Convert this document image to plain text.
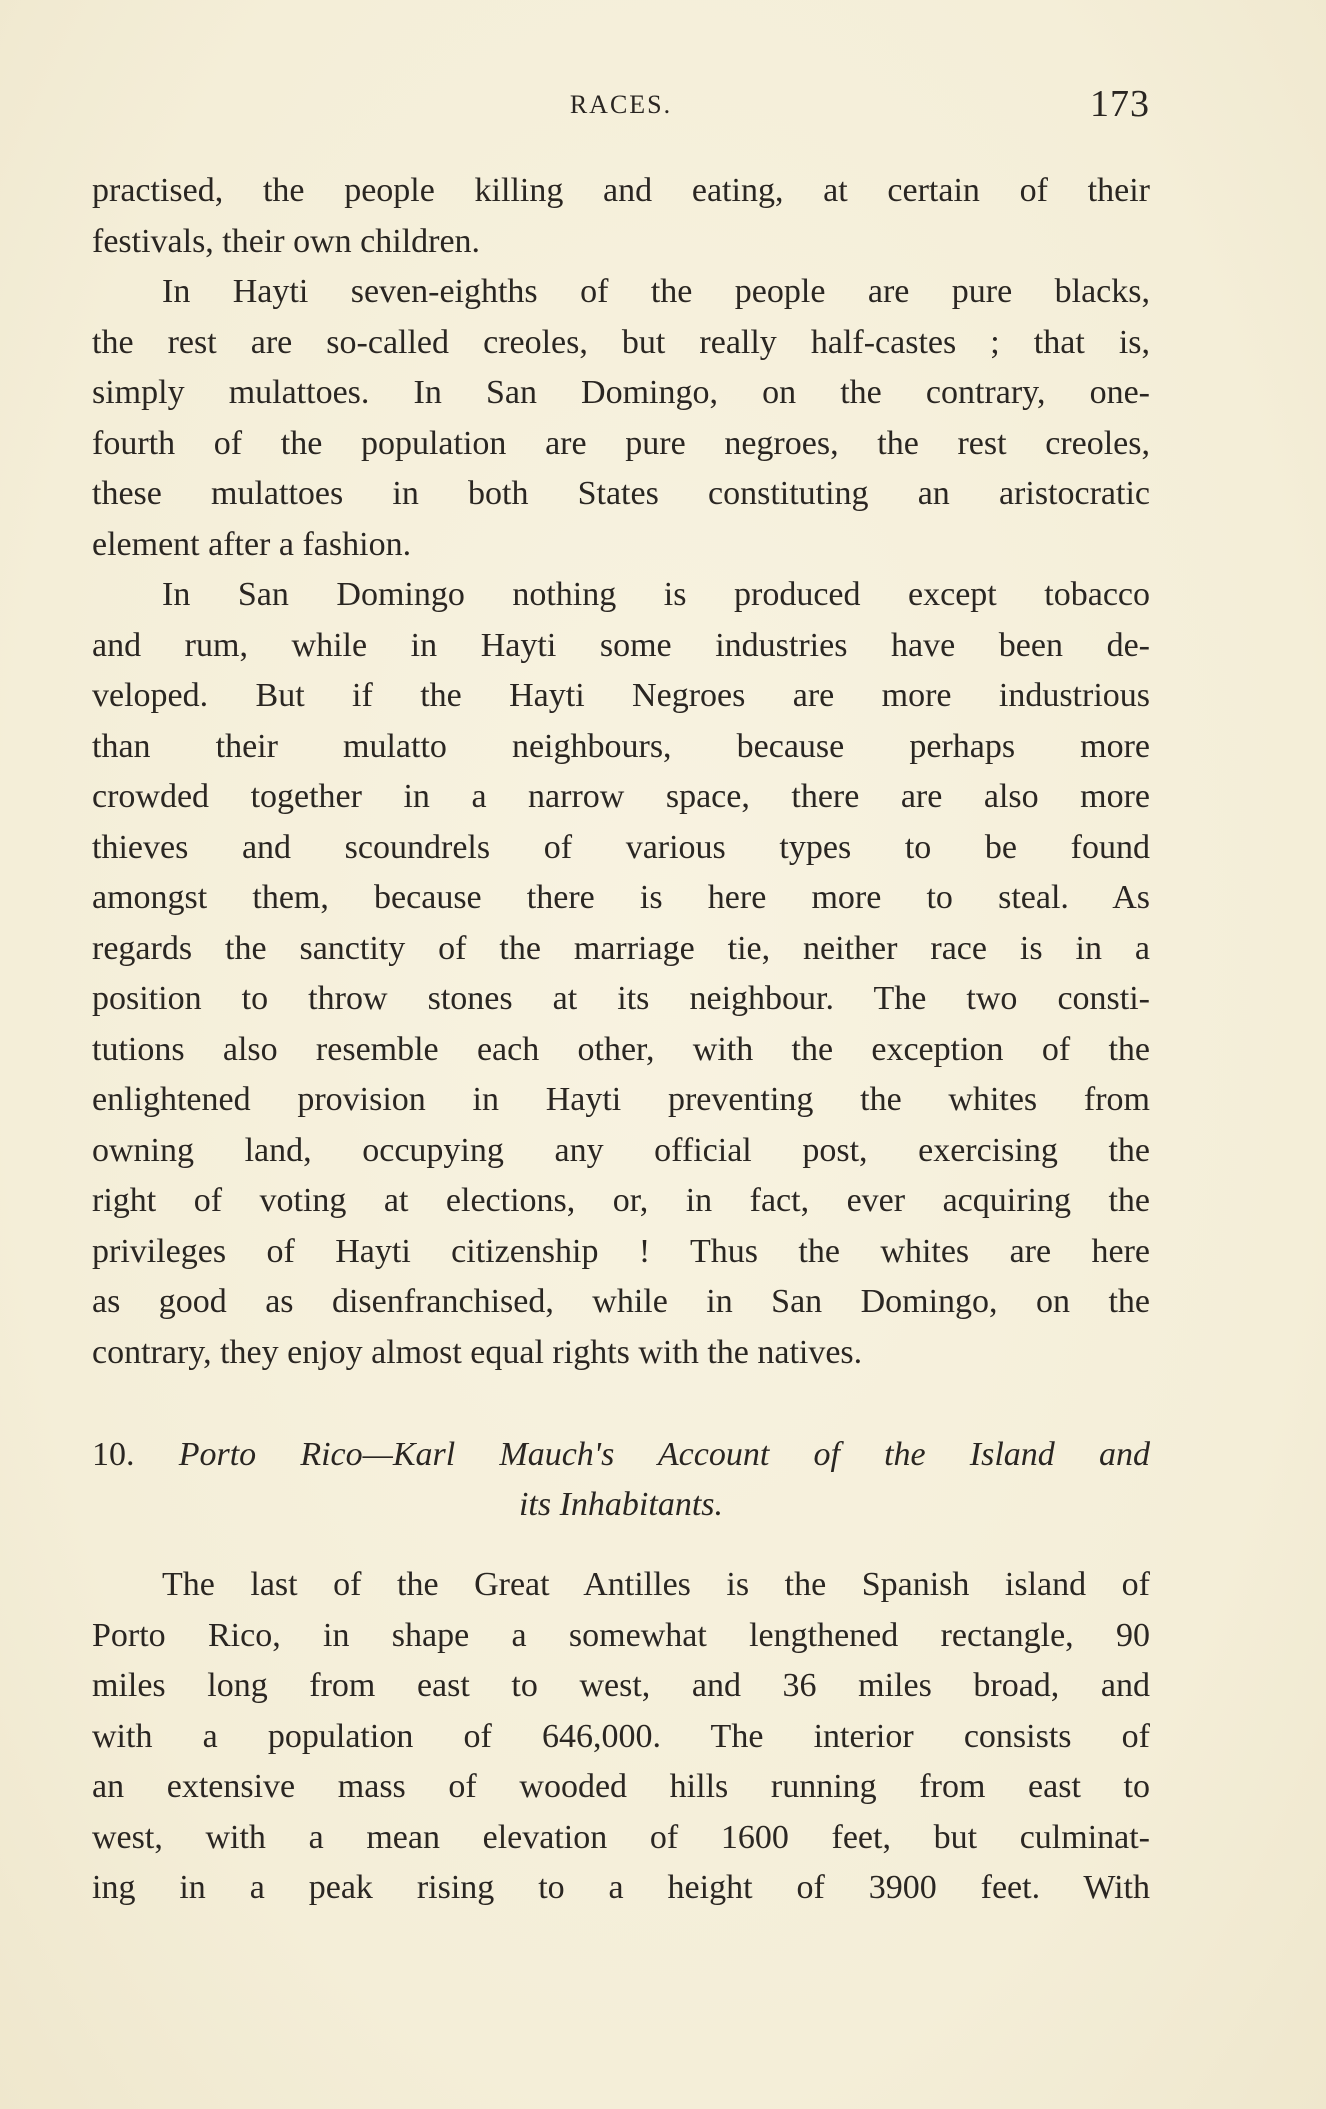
RACES.	173
practised, the people killing and eating, at certain of their
festivals, their own children.
In Hayti seven-eighths of the people are pure blacks,
the rest are so-called creoles, but really half-castes ; that is,
simply mulattoes. In San Domingo, on the contrary, one-
fourth of the population are pure negroes, the rest creoles,
these mulattoes in both States constituting an aristocratic
element after a fashion.
In San Domingo nothing is produced except tobacco
and rum, while in Hayti some industries have been de-
veloped. But if the Hayti Negroes are more industrious
than their mulatto neighbours, because perhaps more
crowded together in a narrow space, there are also more
thieves and scoundrels of various types to be found
amongst them, because there is here more to steal. As
regards the sanctity of the marriage tie, neither race is in a
position to throw stones at its neighbour. The two consti-
tutions also resemble each other, with the exception of the
enlightened provision in Hayti preventing the whites from
owning land, occupying any official post, exercising the
right of voting at elections, or, in fact, ever acquiring the
privileges of Hayti citizenship ! Thus the whites are here
as good as disenfranchised, while in San Domingo, on the
contrary, they enjoy almost equal rights with the natives.
10. Porto Rico—Karl Mauch's Account of the Island and
its Inhabitants.
The last of the Great Antilles is the Spanish island of
Porto Rico, in shape a somewhat lengthened rectangle, 90
miles long from east to west, and 36 miles broad, and
with a population of 646,000. The interior consists of
an extensive mass of wooded hills running from east to
west, with a mean elevation of 1600 feet, but culminat-
ing in a peak rising to a height of 3900 feet. With
